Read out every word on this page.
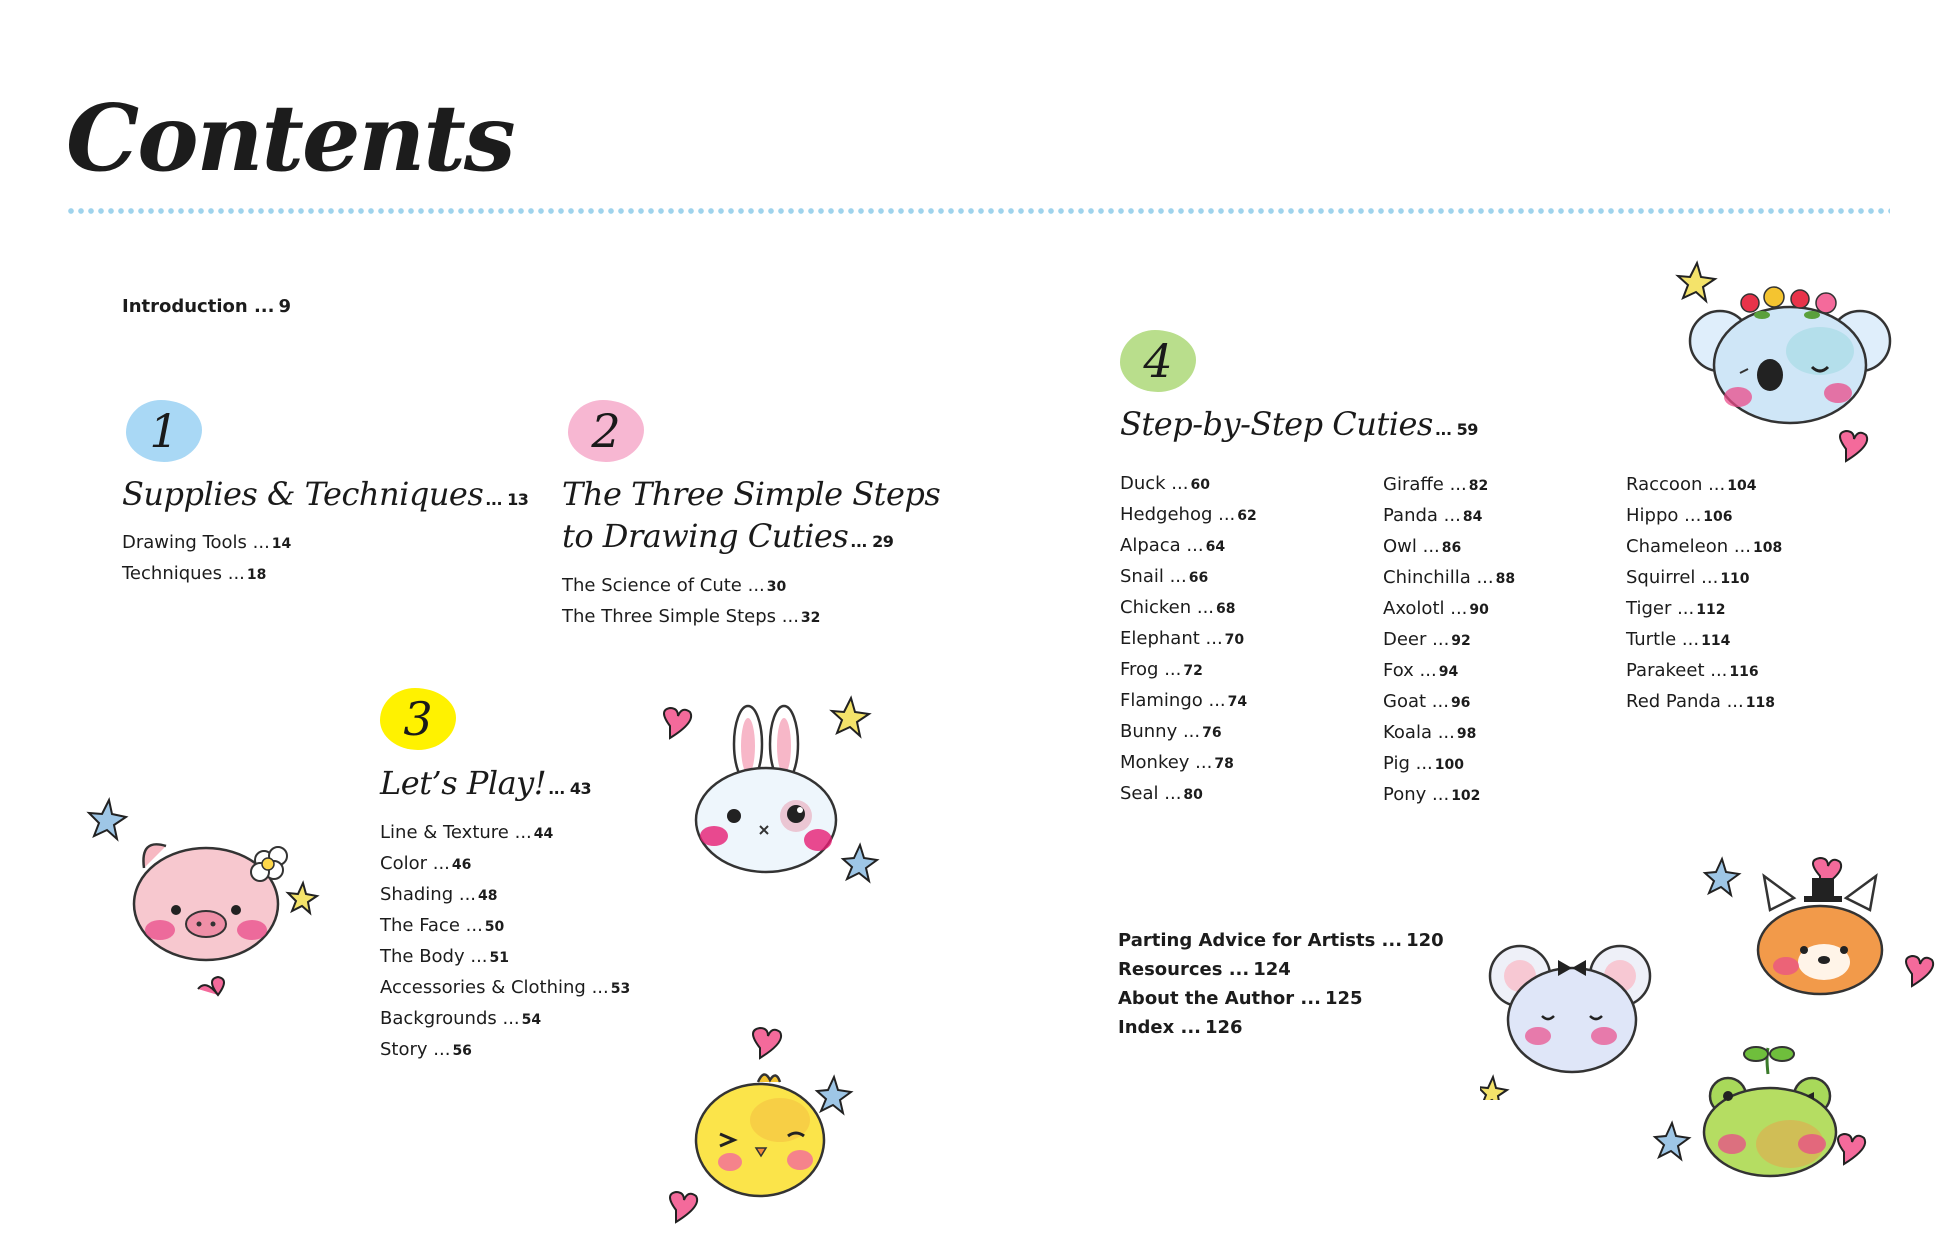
Contents
Introduction ... 9
1
Supplies & Techniques ... 13
Drawing Tools ... 14
Techniques ... 18
2
The Three Simple Steps
to Drawing Cuties ... 29
The Science of Cute ... 30
The Three Simple Steps ... 32
3
Let’s Play! ... 43
Line & Texture ... 44
Color ... 46
Shading ... 48
The Face ... 50
The Body ... 51
Accessories & Clothing ... 53
Backgrounds ... 54
Story ... 56
4
Step-by-Step Cuties ... 59
Duck ... 60
Hedgehog ... 62
Alpaca ... 64
Snail ... 66
Chicken ... 68
Elephant ... 70
Frog ... 72
Flamingo ... 74
Bunny ... 76
Monkey ... 78
Seal ... 80
Giraffe ... 82
Panda ... 84
Owl ... 86
Chinchilla ... 88
Axolotl ... 90
Deer ... 92
Fox ... 94
Goat ... 96
Koala ... 98
Pig ... 100
Pony ... 102
Raccoon ... 104
Hippo ... 106
Chameleon ... 108
Squirrel ... 110
Tiger ... 112
Turtle ... 114
Parakeet ... 116
Red Panda ... 118
Parting Advice for Artists ... 120
Resources ... 124
About the Author ... 125
Index ... 126
